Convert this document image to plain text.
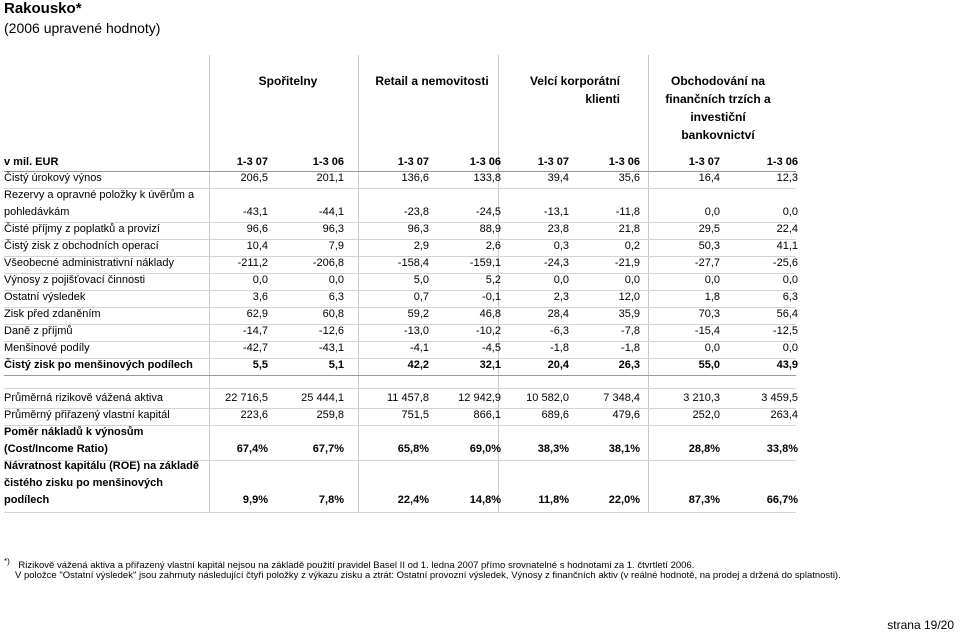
Rakousko*
(2006 upravené hodnoty)
Spořitelny	Retail a nemovitosti	Velcí korporátní klienti
Obchodování na finančních trzích a investiční bankovnictví
v mil. EUR	1-3 07	1-3 06	1-3 07	1-3 06	1-3 07	1-3 06	1-3 07	1-3 06
Čistý úrokový výnos	206,5	201,1	136,6	133,8	39,4	35,6	16,4	12,3
Rezervy a opravné položky k úvěrům a
pohledávkám	-43,1	-44,1	-23,8	-24,5	-13,1	-11,8	0,0	0,0
Čisté příjmy z poplatků a provizí	96,6	96,3	96,3	88,9	23,8	21,8	29,5	22,4
Čistý zisk z obchodních operací	10,4	7,9	2,9	2,6	0,3	0,2	50,3	41,1
Všeobecné administrativní náklady	-211,2	-206,8	-158,4	-159,1	-24,3	-21,9	-27,7	-25,6
Výnosy z pojišťovací činnosti	0,0	0,0	5,0	5,2	0,0	0,0	0,0	0,0
Ostatní výsledek	3,6	6,3	0,7	-0,1	2,3	12,0	1,8	6,3
Zisk před zdaněním	62,9	60,8	59,2	46,8	28,4	35,9	70,3	56,4
Daně z příjmů	-14,7	-12,6	-13,0	-10,2	-6,3	-7,8	-15,4	-12,5
Menšinové podíly	-42,7	-43,1	-4,1	-4,5	-1,8	-1,8	0,0	0,0
Čistý zisk po menšinových podílech	5,5	5,1	42,2	32,1	20,4	26,3	55,0	43,9
Průměrná rizikově vážená aktiva	22 716,5	25 444,1	11 457,8	12 942,9	10 582,0	7 348,4	3 210,3	3 459,5
Průměrný přiřazený vlastní kapitál	223,6	259,8	751,5	866,1	689,6	479,6	252,0	263,4
Poměr nákladů k výnosům
(Cost/Income Ratio)	67,4%	67,7%	65,8%	69,0%	38,3%	38,1%	28,8%	33,8%
Návratnost kapitálu (ROE) na základě
čistého zisku po menšinových
podílech	9,9%	7,8%	22,4%	14,8%	11,8%	22,0%	87,3%	66,7%
*) Rizikově vážená aktiva a přiřazený vlastní kapitál nejsou na základě použití pravidel Basel II od 1. ledna 2007 přímo srovnatelné s hodnotami za 1. čtvrtletí 2006.
V položce "Ostatní výsledek" jsou zahrnuty následující čtyři položky z výkazu zisku a ztrát: Ostatní provozní výsledek, Výnosy z finančních aktiv (v reálné hodnotě, na prodej a držená do splatnosti).
strana 19/20
